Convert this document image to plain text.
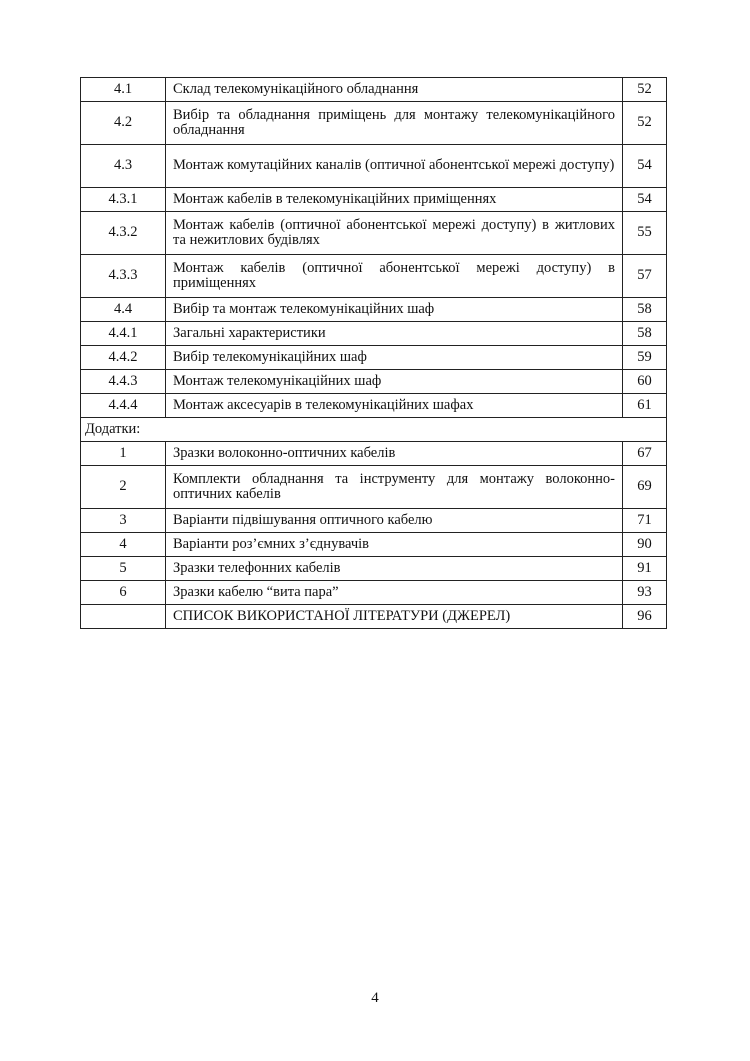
4.1	Склад телекомунікаційного обладнання	52
4.2	Вибір та обладнання приміщень для монтажу телекомунікаційного обладнання	52
4.3	Монтаж комутаційних каналів (оптичної абонентської мережі доступу)	54
4.3.1	Монтаж кабелів в телекомунікаційних приміщеннях	54
4.3.2	Монтаж кабелів (оптичної абонентської мережі доступу) в житлових та нежитлових будівлях	55
4.3.3	Монтаж кабелів (оптичної абонентської мережі доступу) в приміщеннях	57
4.4	Вибір та монтаж телекомунікаційних шаф	58
4.4.1	Загальні характеристики	58
4.4.2	Вибір телекомунікаційних шаф	59
4.4.3	Монтаж телекомунікаційних шаф	60
4.4.4	Монтаж аксесуарів в телекомунікаційних шафах	61
Додатки:		
1	Зразки волоконно-оптичних кабелів	67
2	Комплекти обладнання та інструменту для монтажу волоконно-оптичних кабелів	69
3	Варіанти підвішування оптичного кабелю	71
4	Варіанти роз’ємних з’єднувачів	90
5	Зразки телефонних кабелів	91
6	Зразки кабелю “вита пара”	93
	СПИСОК ВИКОРИСТАНОЇ ЛІТЕРАТУРИ (ДЖЕРЕЛ)	96
4
